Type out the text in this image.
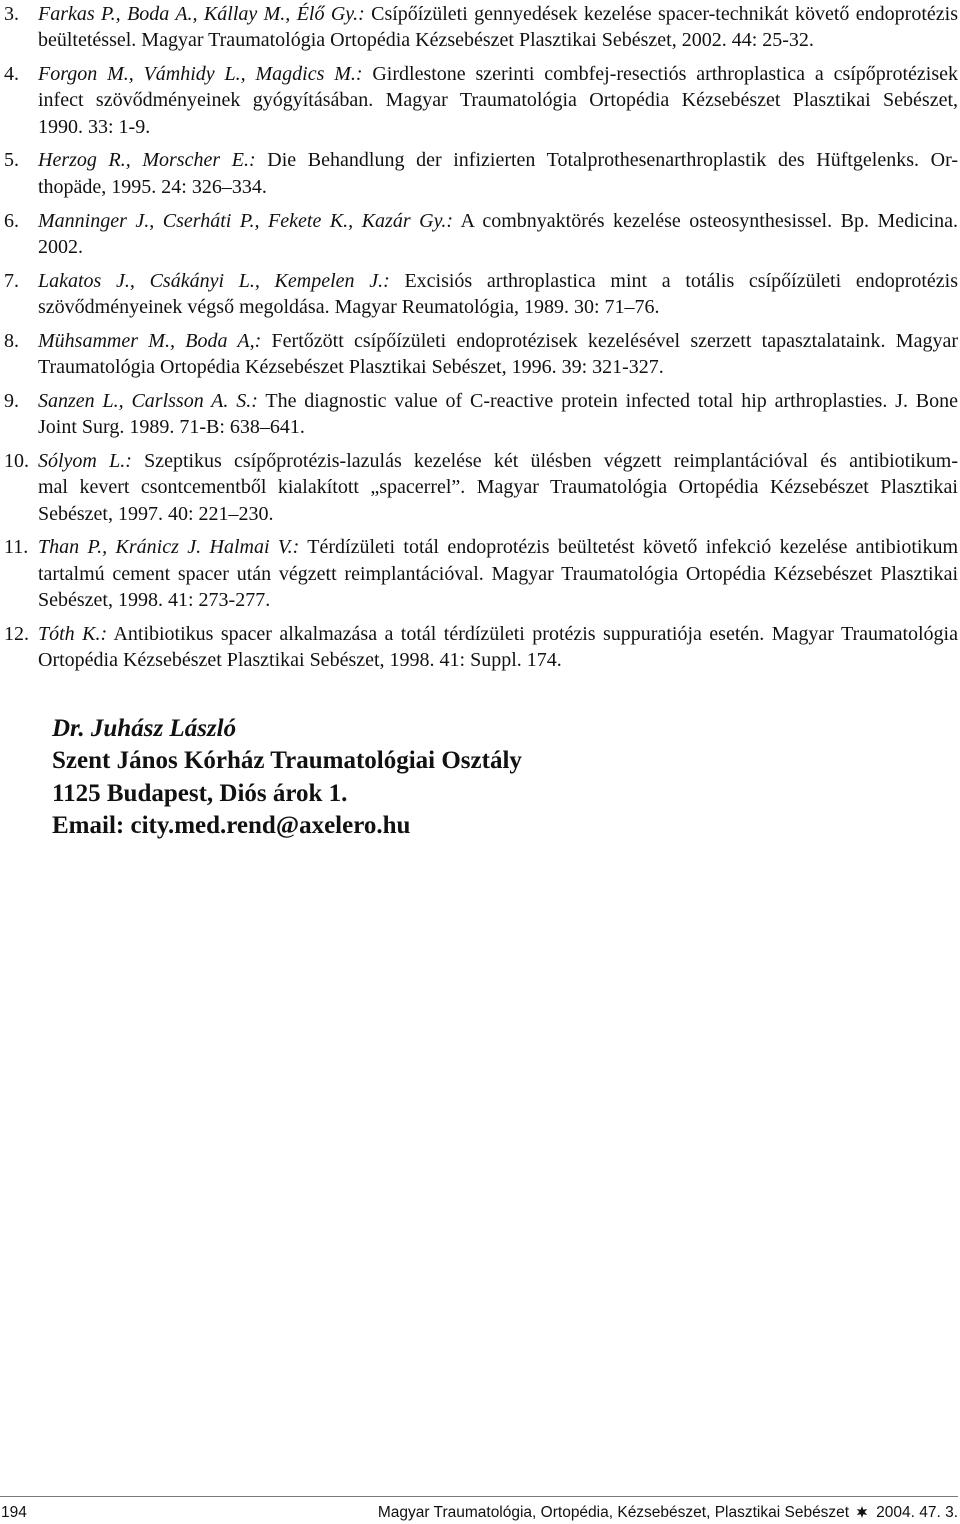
3. Farkas P., Boda A., Kállay M., Élő Gy.: Csípőízületi gennyedések kezelése spacer-technikát követő endoprotézis
beültetéssel. Magyar Traumatológia Ortopédia Kézsebészet Plasztikai Sebészet, 2002. 44: 25-32.
4. Forgon M., Vámhidy L., Magdics M.: Girdlestone szerinti combfej-resectiós arthroplastica a csípőprotézisek
infect szövődményeinek gyógyításában. Magyar Traumatológia Ortopédia Kézsebészet Plasztikai Sebészet,
1990. 33: 1-9.
5. Herzog R., Morscher E.: Die Behandlung der infizierten Totalprothesenarthroplastik des Hüftgelenks. Or-
thopäde, 1995. 24: 326–334.
6. Manninger J., Cserháti P., Fekete K., Kazár Gy.: A combnyaktörés kezelése osteosynthesissel. Bp. Medicina.
2002.
7. Lakatos J., Csákányi L., Kempelen J.: Excisiós arthroplastica mint a totális csípőízületi endoprotézis
szövődményeinek végső megoldása. Magyar Reumatológia, 1989. 30: 71–76.
8. Mühsammer M., Boda A,: Fertőzött csípőízületi endoprotézisek kezelésével szerzett tapasztalataink. Magyar
Traumatológia Ortopédia Kézsebészet Plasztikai Sebészet, 1996. 39: 321-327.
9. Sanzen L., Carlsson A. S.: The diagnostic value of C-reactive protein infected total hip arthroplasties. J. Bone
Joint Surg. 1989. 71-B: 638–641.
10. Sólyom L.: Szeptikus csípőprotézis-lazulás kezelése két ülésben végzett reimplantációval és antibiotikum-
mal kevert csontcementből kialakított „spacerrel”. Magyar Traumatológia Ortopédia Kézsebészet Plasztikai
Sebészet, 1997. 40: 221–230.
11. Than P., Kránicz J. Halmai V.: Térdízületi totál endoprotézis beültetést követő infekció kezelése antibiotikum
tartalmú cement spacer után végzett reimplantációval. Magyar Traumatológia Ortopédia Kézsebészet Plasztikai
Sebészet, 1998. 41: 273-277.
12. Tóth K.: Antibiotikus spacer alkalmazása a totál térdízületi protézis suppuratiója esetén. Magyar Traumatológia
Ortopédia Kézsebészet Plasztikai Sebészet, 1998. 41: Suppl. 174.
Dr. Juhász László
Szent János Kórház Traumatológiai Osztály
1125 Budapest, Diós árok 1.
Email: city.med.rend@axelero.hu
194	Magyar Traumatológia, Ortopédia, Kézsebészet, Plasztikai Sebészet 2004. 47. 3.
